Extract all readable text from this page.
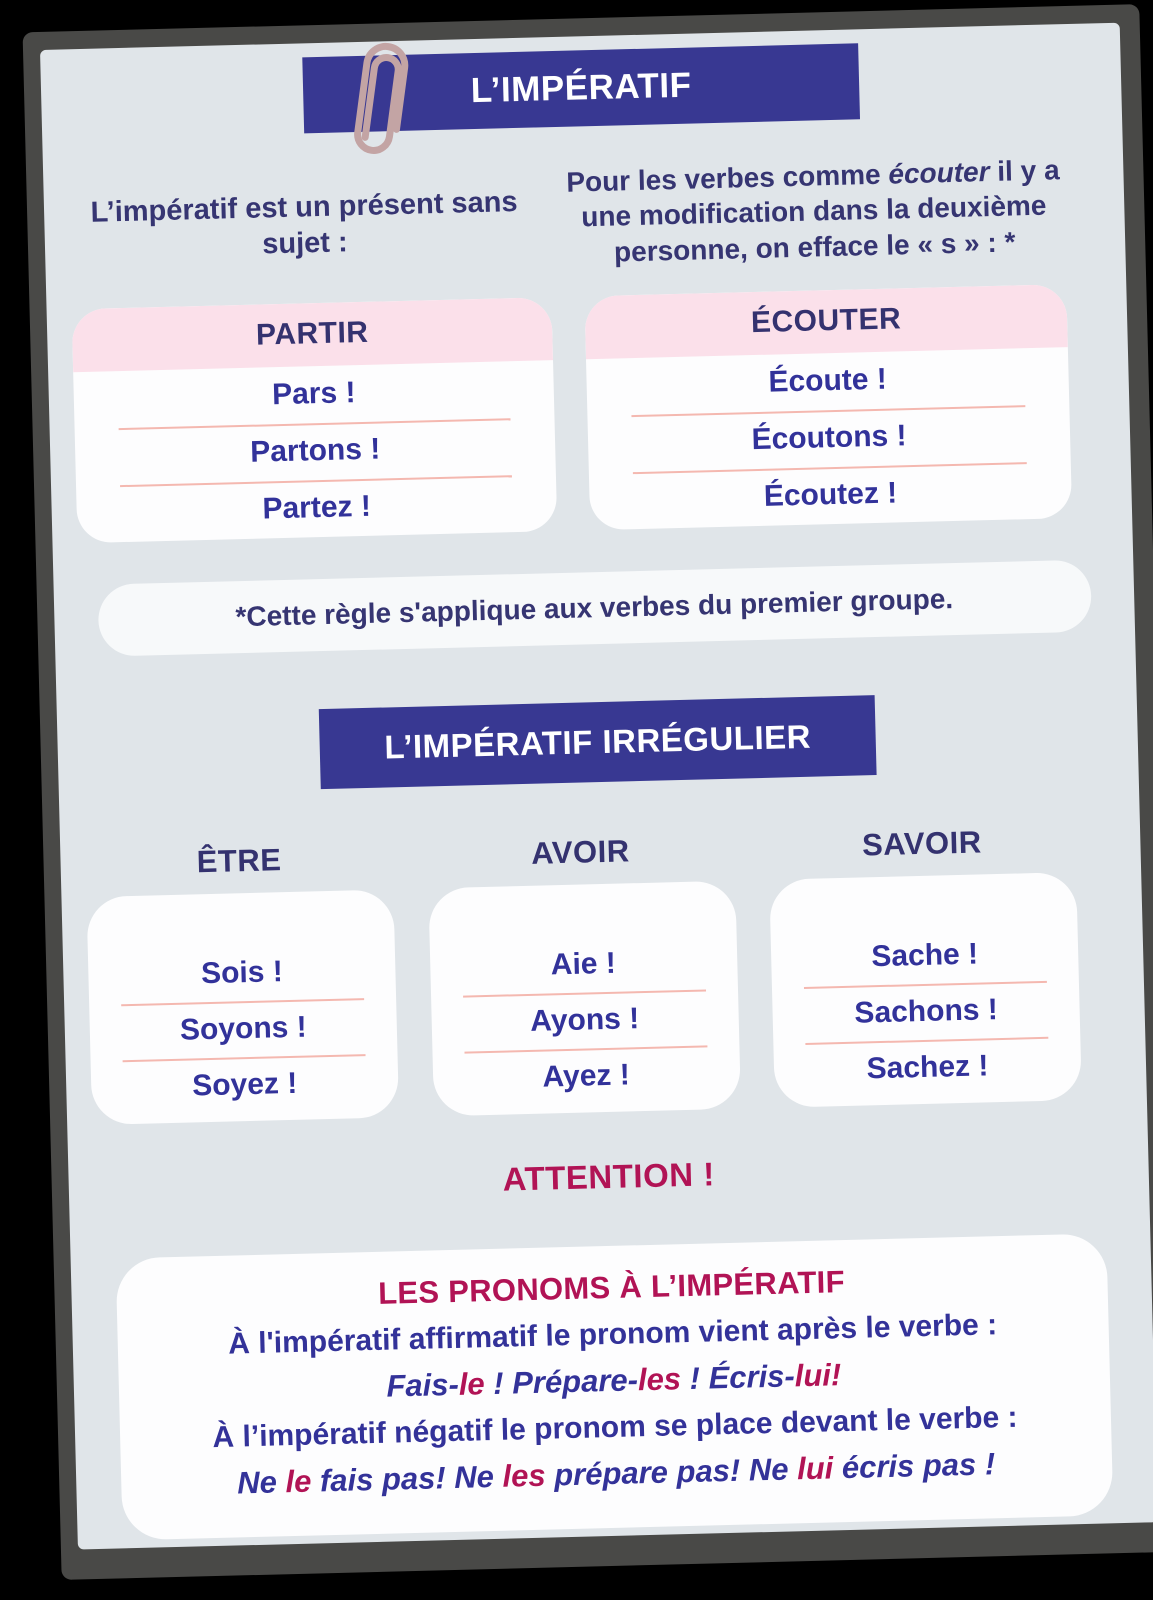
L’IMPÉRATIF
L’impératif est un présent sans sujet :
Pour les verbes comme écouter il y a une modification dans la deuxième personne, on efface le « s » : *
PARTIR
Pars !
Partons !
Partez !
ÉCOUTER
Écoute !
Écoutons !
Écoutez !
*Cette règle s'applique aux verbes du premier groupe.
L’IMPÉRATIF IRRÉGULIER
ÊTRE	AVOIR	SAVOIR
Sois !
Soyons !
Soyez !
Aie !
Ayons !
Ayez !
Sache !
Sachons !
Sachez !
ATTENTION !
LES PRONOMS À L’IMPÉRATIF
À l'impératif affirmatif le pronom vient après le verbe :
Fais-le ! Prépare-les ! Écris-lui!
À l’impératif négatif le pronom se place devant le verbe :
Ne le fais pas! Ne les prépare pas! Ne lui écris pas !
